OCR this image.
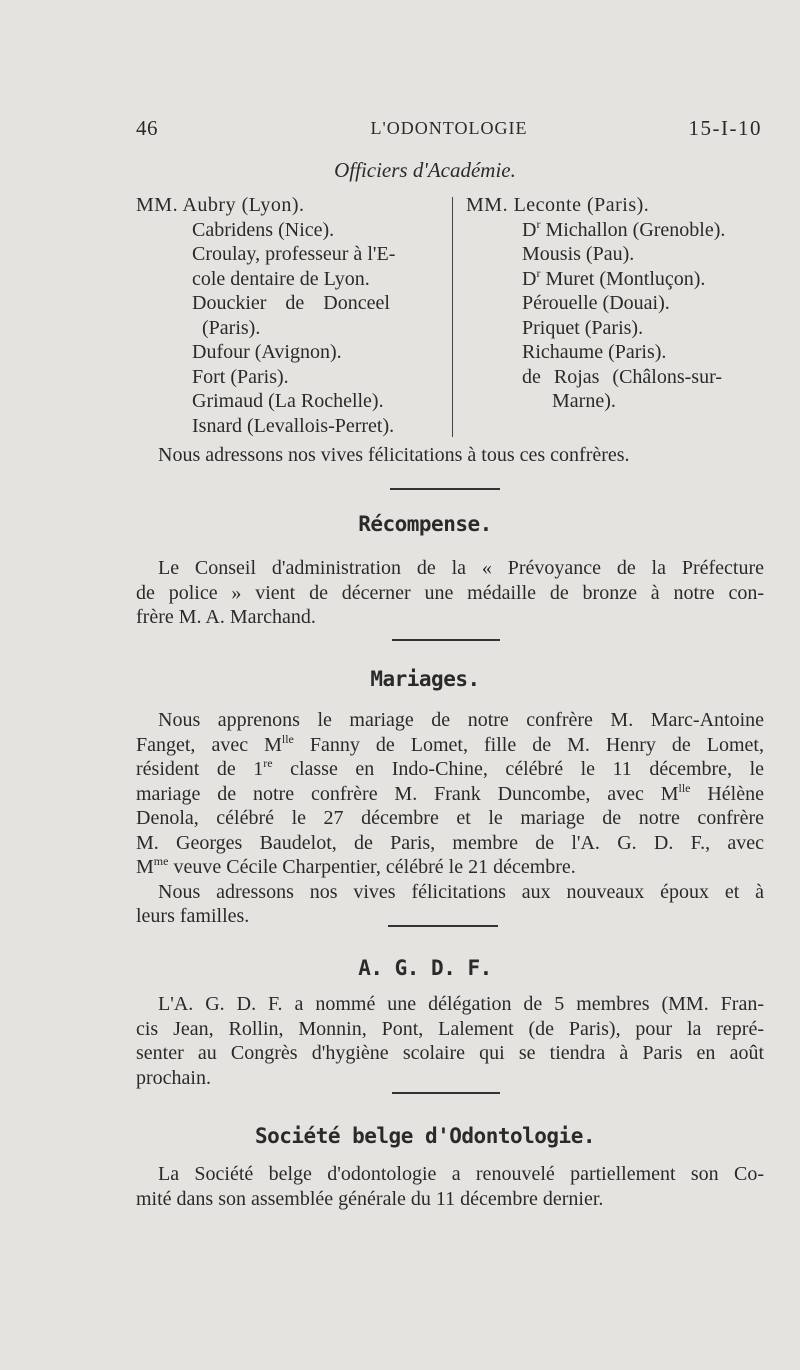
46	L'ODONTOLOGIE	15-I-10
Officiers d'Académie.
MM. Aubry (Lyon).
Cabridens (Nice).
Croulay, professeur à l'E-
cole dentaire de Lyon.
Douckier de Donceel
(Paris).
Dufour (Avignon).
Fort (Paris).
Grimaud (La Rochelle).
Isnard (Levallois-Perret).
MM. Leconte (Paris).
$D^r$ Michallon (Grenoble).
Mousis (Pau).
$D^r$ Muret (Montluçon).
Pérouelle (Douai).
Priquet (Paris).
Richaume (Paris).
de Rojas (Châlons-sur-
Marne).
Nous adressons nos vives félicitations à tous ces confrères.
Récompense.
Le Conseil d'administration de la « Prévoyance de la Préfecture
de police » vient de décerner une médaille de bronze à notre con-
frère M. A. Marchand.
Mariages.
Nous apprenons le mariage de notre confrère M. Marc-Antoine
Fanget, avec $M^{lle}$ Fanny de Lomet, fille de M. Henry de Lomet,
résident de 1re classe en Indo-Chine, célébré le 11 décembre, le
mariage de notre confrère M. Frank Duncombe, avec $M^{lle}$ Hélène
Denola, célébré le 27 décembre et le mariage de notre confrère
M. Georges Baudelot, de Paris, membre de l'A. G. D. F., avec
$M^{me}$ veuve Cécile Charpentier, célébré le 21 décembre.
Nous adressons nos vives félicitations aux nouveaux époux et à
leurs familles.
A. G. D. F.
L'A. G. D. F. a nommé une délégation de 5 membres (MM. Fran-
cis Jean, Rollin, Monnin, Pont, Lalement (de Paris), pour la repré-
senter au Congrès d'hygiène scolaire qui se tiendra à Paris en août
prochain.
Société belge d'Odontologie.
La Société belge d'odontologie a renouvelé partiellement son Co-
mité dans son assemblée générale du 11 décembre dernier.
